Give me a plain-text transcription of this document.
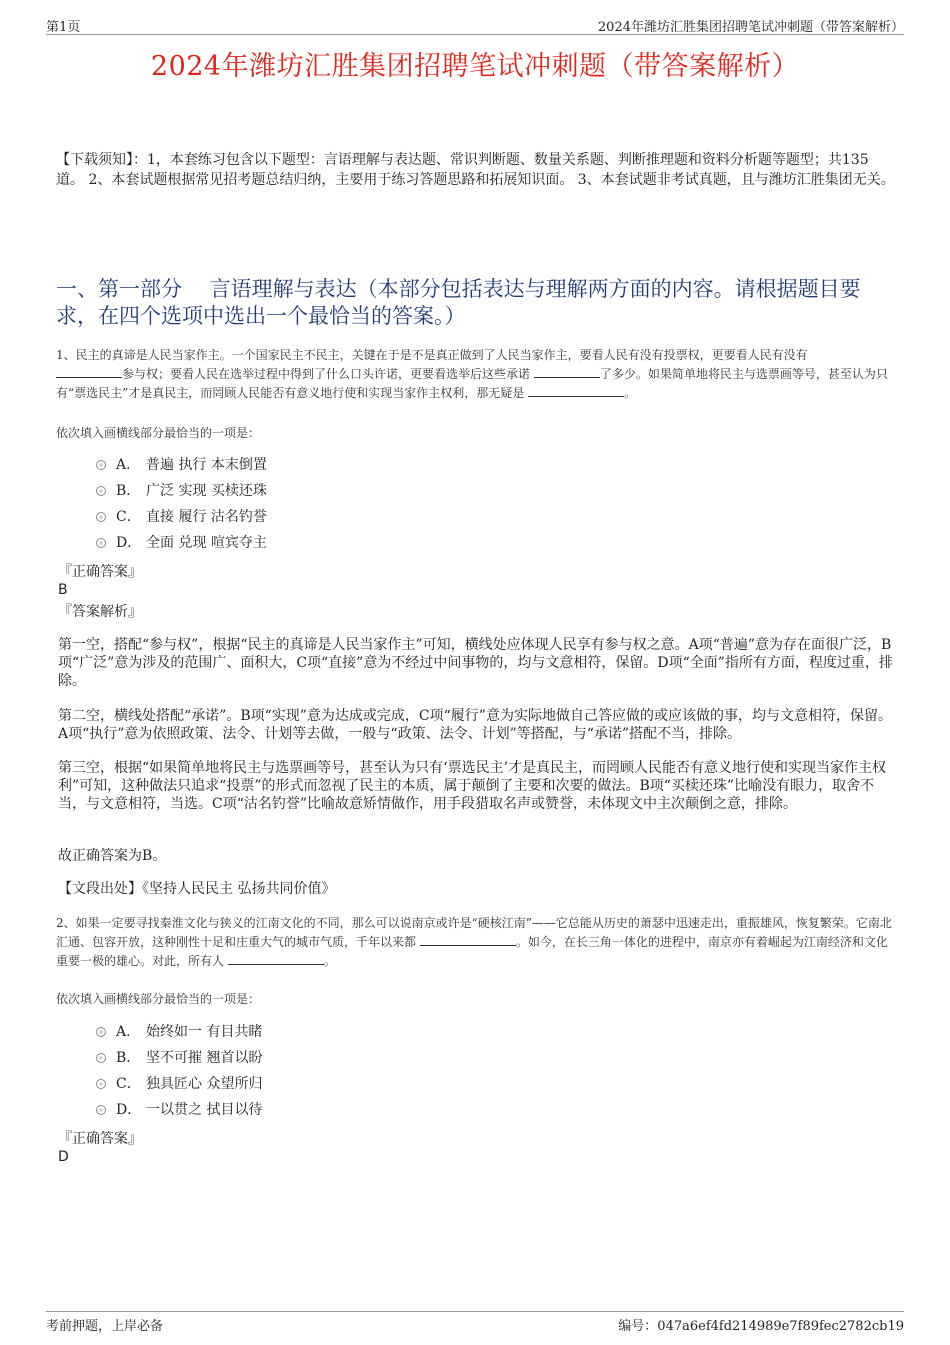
第1页	2024年潍坊汇胜集团招聘笔试冲刺题（带答案解析）
2024年潍坊汇胜集团招聘笔试冲刺题（带答案解析）
【下载须知】：1，本套练习包含以下题型：言语理解与表达题、常识判断题、数量关系题、判断推理题和资料分析题等题型；共135道。 2、本套试题根据常见招考题总结归纳，主要用于练习答题思路和拓展知识面。 3、本套试题非考试真题，且与潍坊汇胜集团无关。
一、第一部分　 言语理解与表达（本部分包括表达与理解两方面的内容。请根据题目要求，在四个选项中选出一个最恰当的答案。）
1、民主的真谛是人民当家作主。一个国家民主不民主，关键在于是不是真正做到了人民当家作主，要看人民有没有投票权，更要看人民有没有
参与权；要看人民在选举过程中得到了什么口头许诺，更要看选举后这些承诺	了多少。如果简单地将民主与选票画等号，甚至认为只有“票选民主”才是真民主，而罔顾人民能否有意义地行使和实现当家作主权利，那无疑是	。
依次填入画横线部分最恰当的一项是：
A． 普遍 执行 本末倒置
B． 广泛 实现 买椟还珠
C． 直接 履行 沽名钓誉
D． 全面 兑现 喧宾夺主
『正确答案』
B
『答案解析』
第一空，搭配“参与权”，根据“民主的真谛是人民当家作主”可知，横线处应体现人民享有参与权之意。A项“普遍”意为存在面很广泛，B项“广泛”意为涉及的范围广、面积大，C项“直接”意为不经过中间事物的，均与文意相符，保留。D项“全面”指所有方面，程度过重，排除。
第二空，横线处搭配“承诺”。B项“实现”意为达成或完成，C项“履行”意为实际地做自己答应做的或应该做的事，均与文意相符，保留。A项“执行”意为依照政策、法令、计划等去做，一般与“政策、法令、计划”等搭配，与“承诺”搭配不当，排除。
第三空，根据“如果简单地将民主与选票画等号，甚至认为只有‘票选民主’才是真民主，而罔顾人民能否有意义地行使和实现当家作主权利”可知，这种做法只追求“投票”的形式而忽视了民主的本质，属于颠倒了主要和次要的做法。B项“买椟还珠”比喻没有眼力，取舍不当，与文意相符，当选。C项“沽名钓誉”比喻故意矫情做作，用手段猎取名声或赞誉，未体现文中主次颠倒之意，排除。
故正确答案为B。
【文段出处】《坚持人民民主 弘扬共同价值》
2、如果一定要寻找秦淮文化与狭义的江南文化的不同，那么可以说南京或许是“硬核江南”——它总能从历史的萧瑟中迅速走出，重振雄风，恢复繁荣。它南北汇通、包容开放，这种刚性十足和庄重大气的城市气质，千年以来都	。如今，在长三角一体化的进程中，南京亦有着崛起为江南经济和文化重要一极的雄心。对此，所有人	。
依次填入画横线部分最恰当的一项是：
A． 始终如一 有目共睹
B． 坚不可摧 翘首以盼
C． 独具匠心 众望所归
D． 一以贯之 拭目以待
『正确答案』
D
考前押题，上岸必备	编号：047a6ef4fd214989e7f89fec2782cb19
